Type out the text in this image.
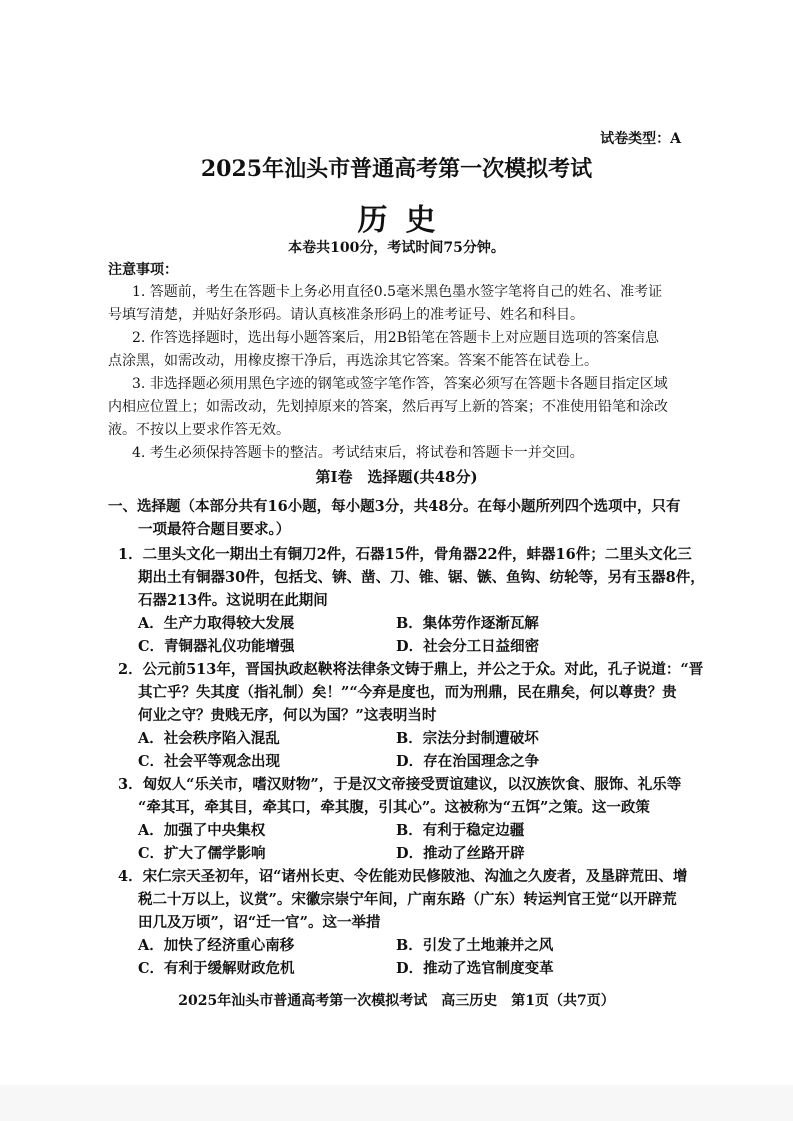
试卷类型：A
2025年汕头市普通高考第一次模拟考试
历史
本卷共100分，考试时间75分钟。
注意事项：
1. 答题前，考生在答题卡上务必用直径0.5毫米黑色墨水签字笔将自己的姓名、准考证
号填写清楚，并贴好条形码。请认真核准条形码上的准考证号、姓名和科目。
2. 作答选择题时，选出每小题答案后，用2B铅笔在答题卡上对应题目选项的答案信息
点涂黑，如需改动，用橡皮擦干净后，再选涂其它答案。答案不能答在试卷上。
3. 非选择题必须用黑色字迹的钢笔或签字笔作答，答案必须写在答题卡各题目指定区域
内相应位置上；如需改动，先划掉原来的答案，然后再写上新的答案；不准使用铅笔和涂改
液。不按以上要求作答无效。
4. 考生必须保持答题卡的整洁。考试结束后，将试卷和答题卡一并交回。
第Ⅰ卷　选择题(共48分)
一、选择题（本部分共有16小题，每小题3分，共48分。在每小题所列四个选项中，只有
一项最符合题目要求。）
1．二里头文化一期出土有铜刀2件，石器15件，骨角器22件，蚌器16件；二里头文化三
期出土有铜器30件，包括戈、锛、凿、刀、锥、锯、镞、鱼钩、纺轮等，另有玉器8件，
石器213件。这说明在此期间
A．生产力取得较大发展	B．集体劳作逐渐瓦解
C．青铜器礼仪功能增强	D．社会分工日益细密
2．公元前513年，晋国执政赵鞅将法律条文铸于鼎上，并公之于众。对此，孔子说道：“晋
其亡乎？失其度（指礼制）矣！”“今弃是度也，而为刑鼎，民在鼎矣，何以尊贵？贵
何业之守？贵贱无序，何以为国？”这表明当时
A．社会秩序陷入混乱	B．宗法分封制遭破坏
C．社会平等观念出现	D．存在治国理念之争
3．匈奴人“乐关市，嗜汉财物”，于是汉文帝接受贾谊建议，以汉族饮食、服饰、礼乐等
“牵其耳，牵其目，牵其口，牵其腹，引其心”。这被称为“五饵”之策。这一政策
A．加强了中央集权	B．有利于稳定边疆
C．扩大了儒学影响	D．推动了丝路开辟
4．宋仁宗天圣初年，诏“诸州长吏、令佐能劝民修陂池、沟洫之久废者，及垦辟荒田、增
税二十万以上，议赏”。宋徽宗崇宁年间，广南东路（广东）转运判官王觉“以开辟荒
田几及万顷”，诏“迁一官”。这一举措
A．加快了经济重心南移	B．引发了土地兼并之风
C．有利于缓解财政危机	D．推动了选官制度变革
2025年汕头市普通高考第一次模拟考试　高三历史　第1页（共7页）
